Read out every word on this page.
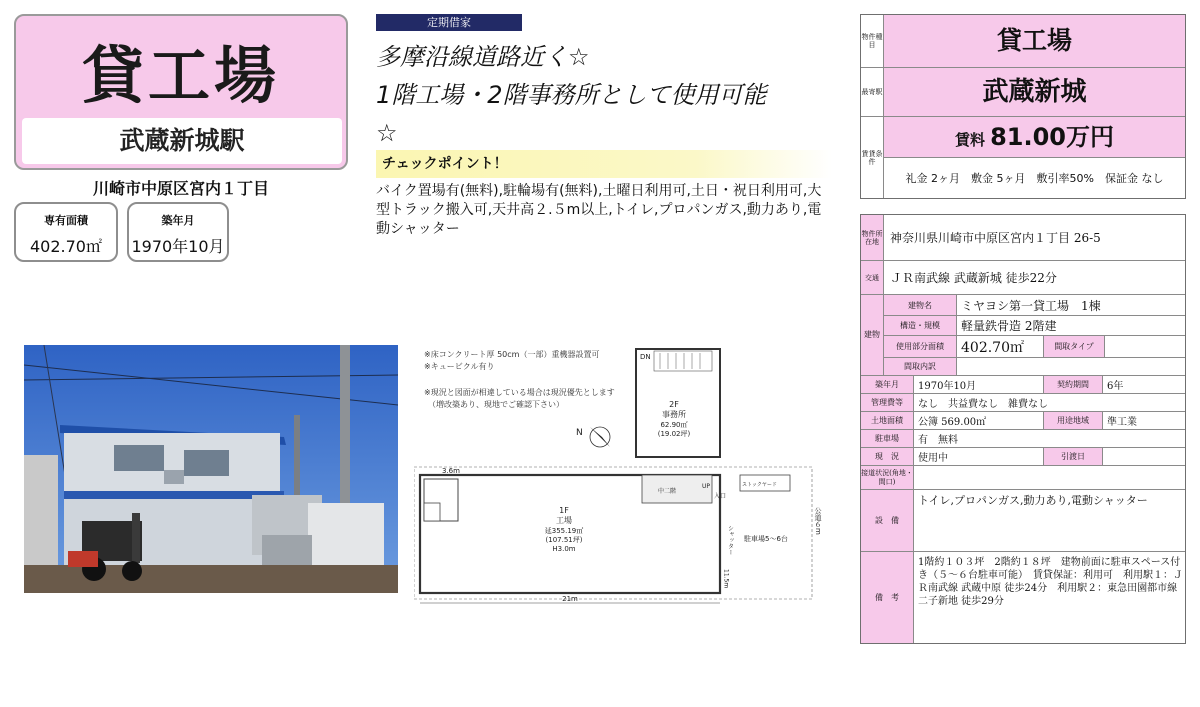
貸工場
武蔵新城駅
川崎市中原区宮内１丁目
専有面積
402.70㎡
築年月
1970年10月
定期借家
多摩沿線道路近く☆
1階工場・2階事務所として使用可能
☆
チェックポイント！
バイク置場有(無料),駐輪場有(無料),土曜日利用可,土日・祝日利用可,大型トラック搬入可,天井高２.５m以上,トイレ,プロパンガス,動力あり,電動シャッター
※床コンクリート厚 50cm（一部）重機器設置可
※キュービクル有り
※現況と図面が相違している場合は現況優先とします
（増改築あり、現地でご確認下さい）
N
DN
2F
事務所
62.90㎡
(19.02坪)
3.6m
1F
工場
延355.19㎡
(107.51坪)
H3.0m
中二階
UP
入口
ストックヤード
シャッター 駐車場5～6台
公道６m
11.5m
21m
物件種目	貸工場
最寄駅	武蔵新城
賃貸条件
賃料 81.00万円
礼金 2ヶ月　敷金 5ヶ月　敷引率50%　保証金 なし
物件所在地 神奈川県川崎市中原区宮内１丁目 26-5
交通 ＪＲ南武線 武蔵新城 徒歩22分
建物
建物名	ミヤヨシ第一貸工場　1棟
構造・規模	軽量鉄骨造 2階建
使用部分面積	402.70㎡	間取タイプ
間取内訳
築年月	1970年10月	契約期間	6年
管理費等	なし　共益費なし　雑費なし
土地面積	公簿 569.00㎡	用途地域	準工業
駐車場	有　無料
現　況	使用中	引渡日
接道状況(角地・間口)
設　備
トイレ,プロパンガス,動力あり,電動シャッター
備　考
1階約１０３坪　2階約１８坪　建物前面に駐車スペース付き（５～６台駐車可能）　賃貸保証：利用可　利用駅１：ＪＲ南武線 武蔵中原 徒歩24分　利用駅２：東急田園都市線 二子新地 徒歩29分
